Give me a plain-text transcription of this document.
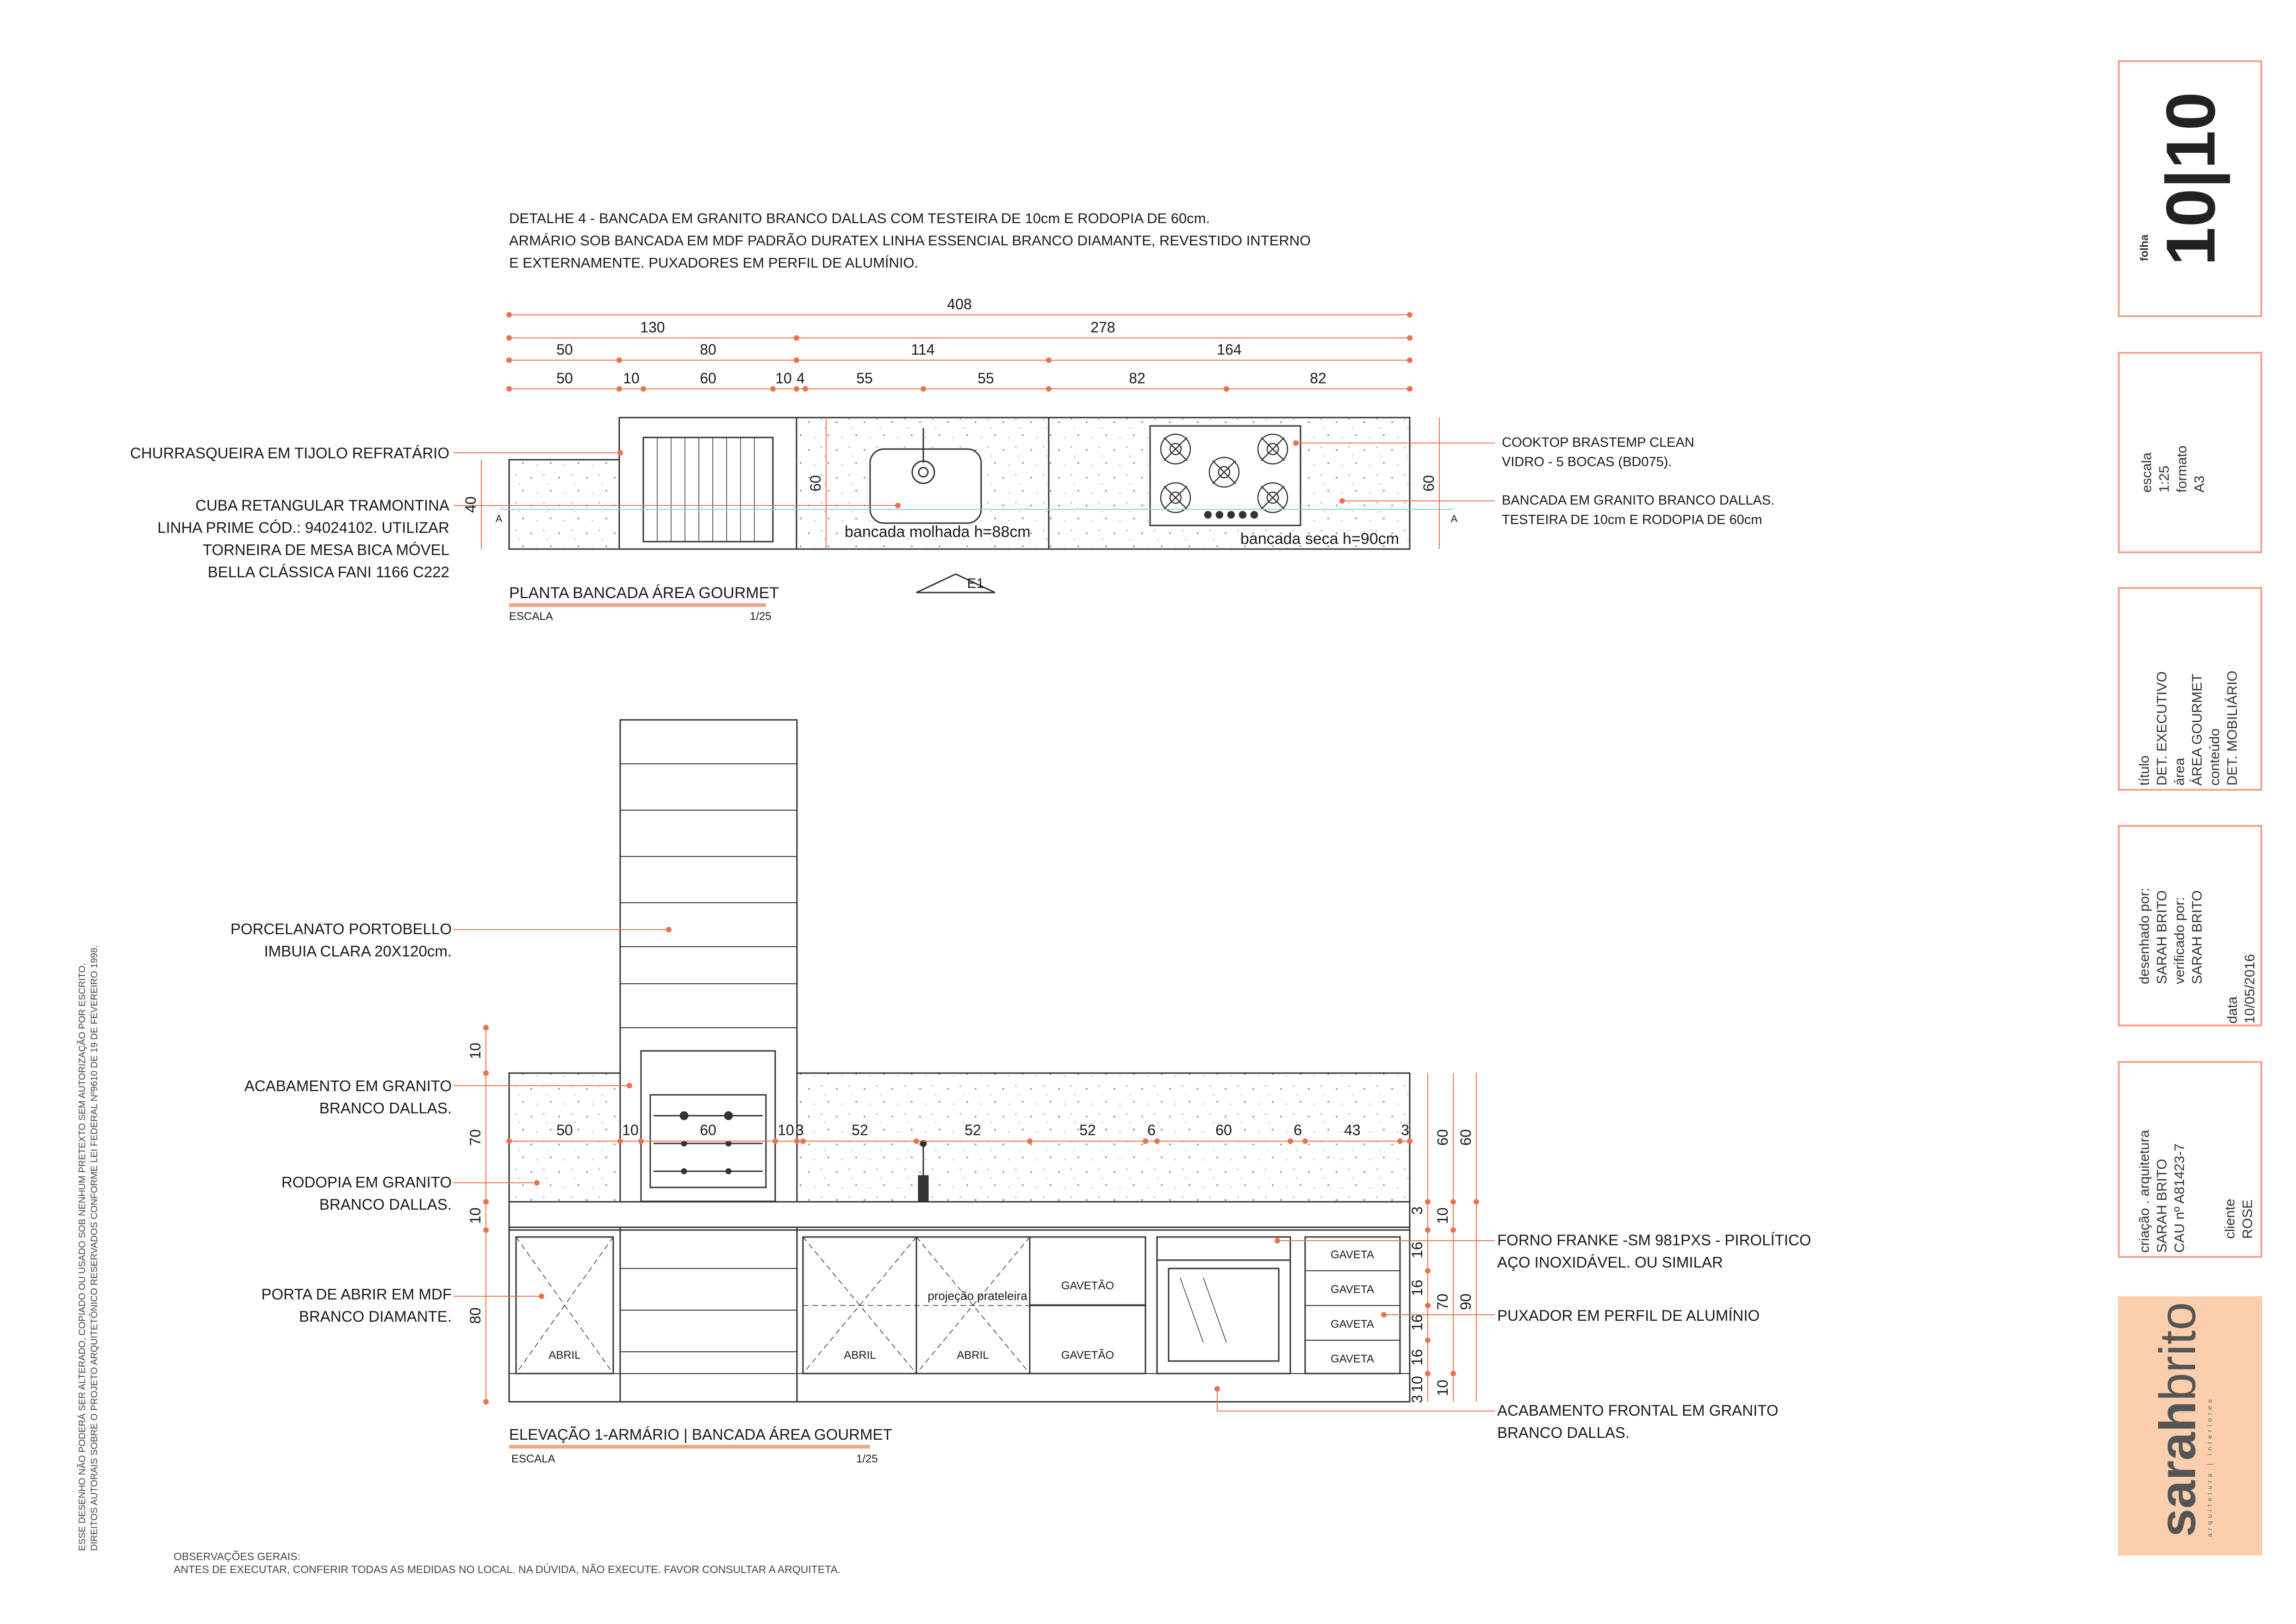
DETALHE 4 - BANCADA EM GRANITO BRANCO DALLAS COM TESTEIRA DE 10cm E RODOPIA DE 60cm.
ARMÁRIO SOB BANCADA EM MDF PADRÃO DURATEX LINHA ESSENCIAL BRANCO DIAMANTE, REVESTIDO INTERNO
E EXTERNAMENTE. PUXADORES EM PERFIL DE ALUMÍNIO.
408
130	278
50	80	114	164
50	10	60	10 4	55	55	82	82
40
60	60
A	A
E1
bancada molhada h=88cm	bancada seca h=90cm
ABRIL	ABRIL	ABRIL
GAVETÃO
GAVETÃO
GAVETA
GAVETA
GAVETA
GAVETA
projeção prateleira
50	10	60	10 3	52	52	52	6	60	6	43	3
10
70
10
80
3
16
16
16
16
10
3
60
10
70
10
60
90
CHURRASQUEIRA EM TIJOLO REFRATÁRIO
CUBA RETANGULAR TRAMONTINA
LINHA PRIME CÓD.: 94024102. UTILIZAR
TORNEIRA DE MESA BICA MÓVEL
BELLA CLÁSSICA FANI 1166 C222
COOKTOP BRASTEMP CLEAN
VIDRO - 5 BOCAS (BD075).
BANCADA EM GRANITO BRANCO DALLAS.
TESTEIRA DE 10cm E RODOPIA DE 60cm
PLANTA BANCADA ÁREA GOURMET
ESCALA	1/25
PORCELANATO PORTOBELLO
IMBUIA CLARA 20X120cm.
ACABAMENTO EM GRANITO
BRANCO DALLAS.
RODOPIA EM GRANITO
BRANCO DALLAS.
PORTA DE ABRIR EM MDF
BRANCO DIAMANTE.
FORNO FRANKE -SM 981PXS - PIROLÍTICO
AÇO INOXIDÁVEL. OU SIMILAR
PUXADOR EM PERFIL DE ALUMÍNIO
ACABAMENTO FRONTAL EM GRANITO
BRANCO DALLAS.
ELEVAÇÃO 1-ARMÁRIO | BANCADA ÁREA GOURMET
ESCALA	1/25
OBSERVAÇÕES GERAIS:
ANTES DE EXECUTAR, CONFERIR TODAS AS MEDIDAS NO LOCAL. NA DÚVIDA, NÃO EXECUTE. FAVOR CONSULTAR A ARQUITETA.
ESSE DESENHO NÃO PODERÁ SER ALTERADO, COPIADO OU USADO SOB NENHUM PRETEXTO SEM AUTORIZAÇÃO POR ESCRITO. DIREITOS AUTORAIS SOBRE O PROJETO ARQUITETÔNICO RESERVADOS CONFORME LEI FEDERAL Nº9610 DE 19 DE FEVEREIRO 1998.
folha 10|10
escala 1:25 formato A3
título DET. EXECUTIVO área ÁREA GOURMET conteúdo DET. MOBILIÁRIO
desenhado por: SARAH BRITO verificado por: SARAH BRITO
data 10/05/2016
criação . arquitetura SARAH BRITO CAU nº A81423-7	cliente ROSE
sarahbrito
arquitetura | interiores
